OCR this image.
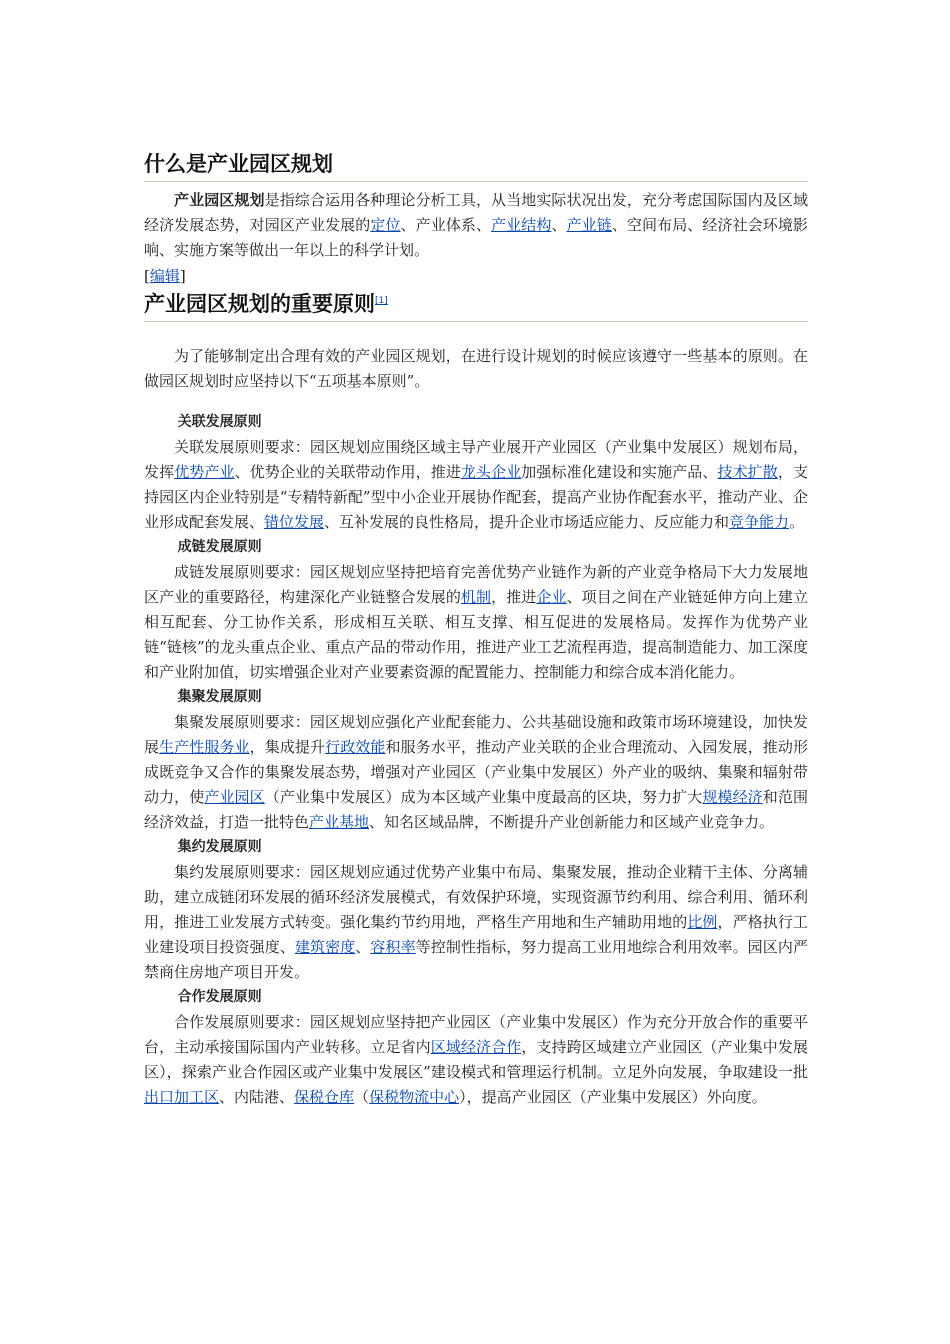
什么是产业园区规划

产业园区规划是指综合运用各种理论分析工具，从当地实际状况出发，充分考虑国际国内及区域经济发展态势，对园区产业发展的定位、产业体系、产业结构、产业链、空间布局、经济社会环境影响、实施方案等做出一年以上的科学计划。

[编辑]
产业园区规划的重要原则[1]

为了能够制定出合理有效的产业园区规划，在进行设计规划的时候应该遵守一些基本的原则。在做园区规划时应坚持以下“五项基本原则”。

关联发展原则

关联发展原则要求：园区规划应围绕区域主导产业展开产业园区（产业集中发展区）规划布局，发挥优势产业、优势企业的关联带动作用，推进龙头企业加强标准化建设和实施产品、技术扩散，支持园区内企业特别是“专精特新配”型中小企业开展协作配套，提高产业协作配套水平，推动产业、企业形成配套发展、错位发展、互补发展的良性格局，提升企业市场适应能力、反应能力和竞争能力。

成链发展原则

成链发展原则要求：园区规划应坚持把培育完善优势产业链作为新的产业竞争格局下大力发展地区产业的重要路径，构建深化产业链整合发展的机制，推进企业、项目之间在产业链延伸方向上建立相互配套、分工协作关系，形成相互关联、相互支撑、相互促进的发展格局。发挥作为优势产业链“链核”的龙头重点企业、重点产品的带动作用，推进产业工艺流程再造，提高制造能力、加工深度和产业附加值，切实增强企业对产业要素资源的配置能力、控制能力和综合成本消化能力。

集聚发展原则

集聚发展原则要求：园区规划应强化产业配套能力、公共基础设施和政策市场环境建设，加快发展生产性服务业，集成提升行政效能和服务水平，推动产业关联的企业合理流动、入园发展，推动形成既竞争又合作的集聚发展态势，增强对产业园区（产业集中发展区）外产业的吸纳、集聚和辐射带动力，使产业园区（产业集中发展区）成为本区域产业集中度最高的区块，努力扩大规模经济和范围经济效益，打造一批特色产业基地、知名区域品牌，不断提升产业创新能力和区域产业竞争力。

集约发展原则

集约发展原则要求：园区规划应通过优势产业集中布局、集聚发展，推动企业精干主体、分离辅助，建立成链闭环发展的循环经济发展模式，有效保护环境，实现资源节约利用、综合利用、循环利用，推进工业发展方式转变。强化集约节约用地，严格生产用地和生产辅助用地的比例，严格执行工业建设项目投资强度、建筑密度、容积率等控制性指标，努力提高工业用地综合利用效率。园区内严禁商住房地产项目开发。

合作发展原则

合作发展原则要求：园区规划应坚持把产业园区（产业集中发展区）作为充分开放合作的重要平台，主动承接国际国内产业转移。立足省内区域经济合作，支持跨区域建立产业园区（产业集中发展区），探索产业合作园区或产业集中发展区”建设模式和管理运行机制。立足外向发展，争取建设一批出口加工区、内陆港、保税仓库（保税物流中心），提高产业园区（产业集中发展区）外向度。
